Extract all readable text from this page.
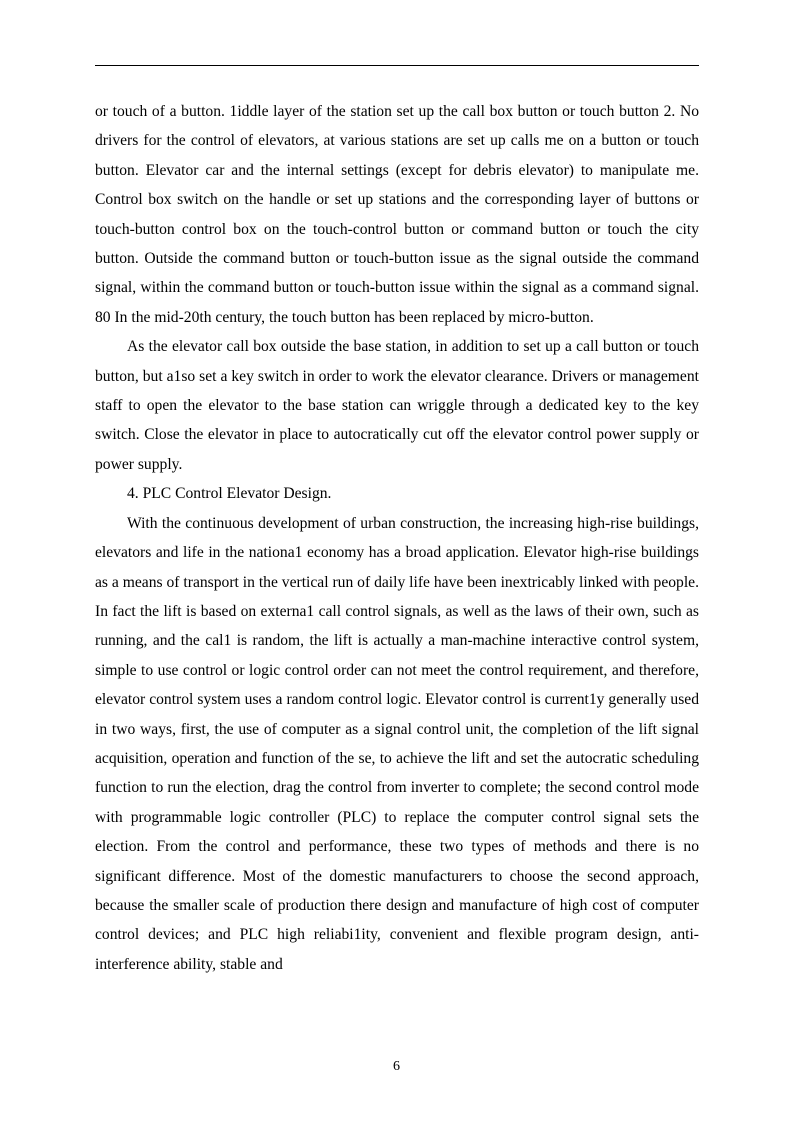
or touch of a button. 1iddle layer of the station set up the call box button or touch button 2. No drivers for the control of elevators, at various stations are set up calls me on a button or touch button. Elevator car and the internal settings (except for debris elevator) to manipulate me. Control box switch on the handle or set up stations and the corresponding layer of buttons or touch-button control box on the touch-control button or command button or touch the city button. Outside the command button or touch-button issue as the signal outside the command signal, within the command button or touch-button issue within the signal as a command signal. 80 In the mid-20th century, the touch button has been replaced by micro-button.

As the elevator call box outside the base station, in addition to set up a call button or touch button, but a1so set a key switch in order to work the elevator clearance. Drivers or management staff to open the elevator to the base station can wriggle through a dedicated key to the key switch. Close the elevator in place to autocratically cut off the elevator control power supply or power supply.

4. PLC Control Elevator Design.

With the continuous development of urban construction, the increasing high-rise buildings, elevators and life in the nationa1 economy has a broad application. Elevator high-rise buildings as a means of transport in the vertical run of daily life have been inextricably linked with people. In fact the lift is based on externa1 call control signals, as well as the laws of their own, such as running, and the cal1 is random, the lift is actually a man-machine interactive control system, simple to use control or logic control order can not meet the control requirement, and therefore, elevator control system uses a random control logic. Elevator control is current1y generally used in two ways, first, the use of computer as a signal control unit, the completion of the lift signal acquisition, operation and function of the se, to achieve the lift and set the autocratic scheduling function to run the election, drag the control from inverter to complete; the second control mode with programmable logic controller (PLC) to replace the computer control signal sets the election. From the control and performance, these two types of methods and there is no significant difference. Most of the domestic manufacturers to choose the second approach, because the smaller scale of production there design and manufacture of high cost of computer control devices; and PLC high reliabi1ity, convenient and flexible program design, anti-interference ability, stable and

6
